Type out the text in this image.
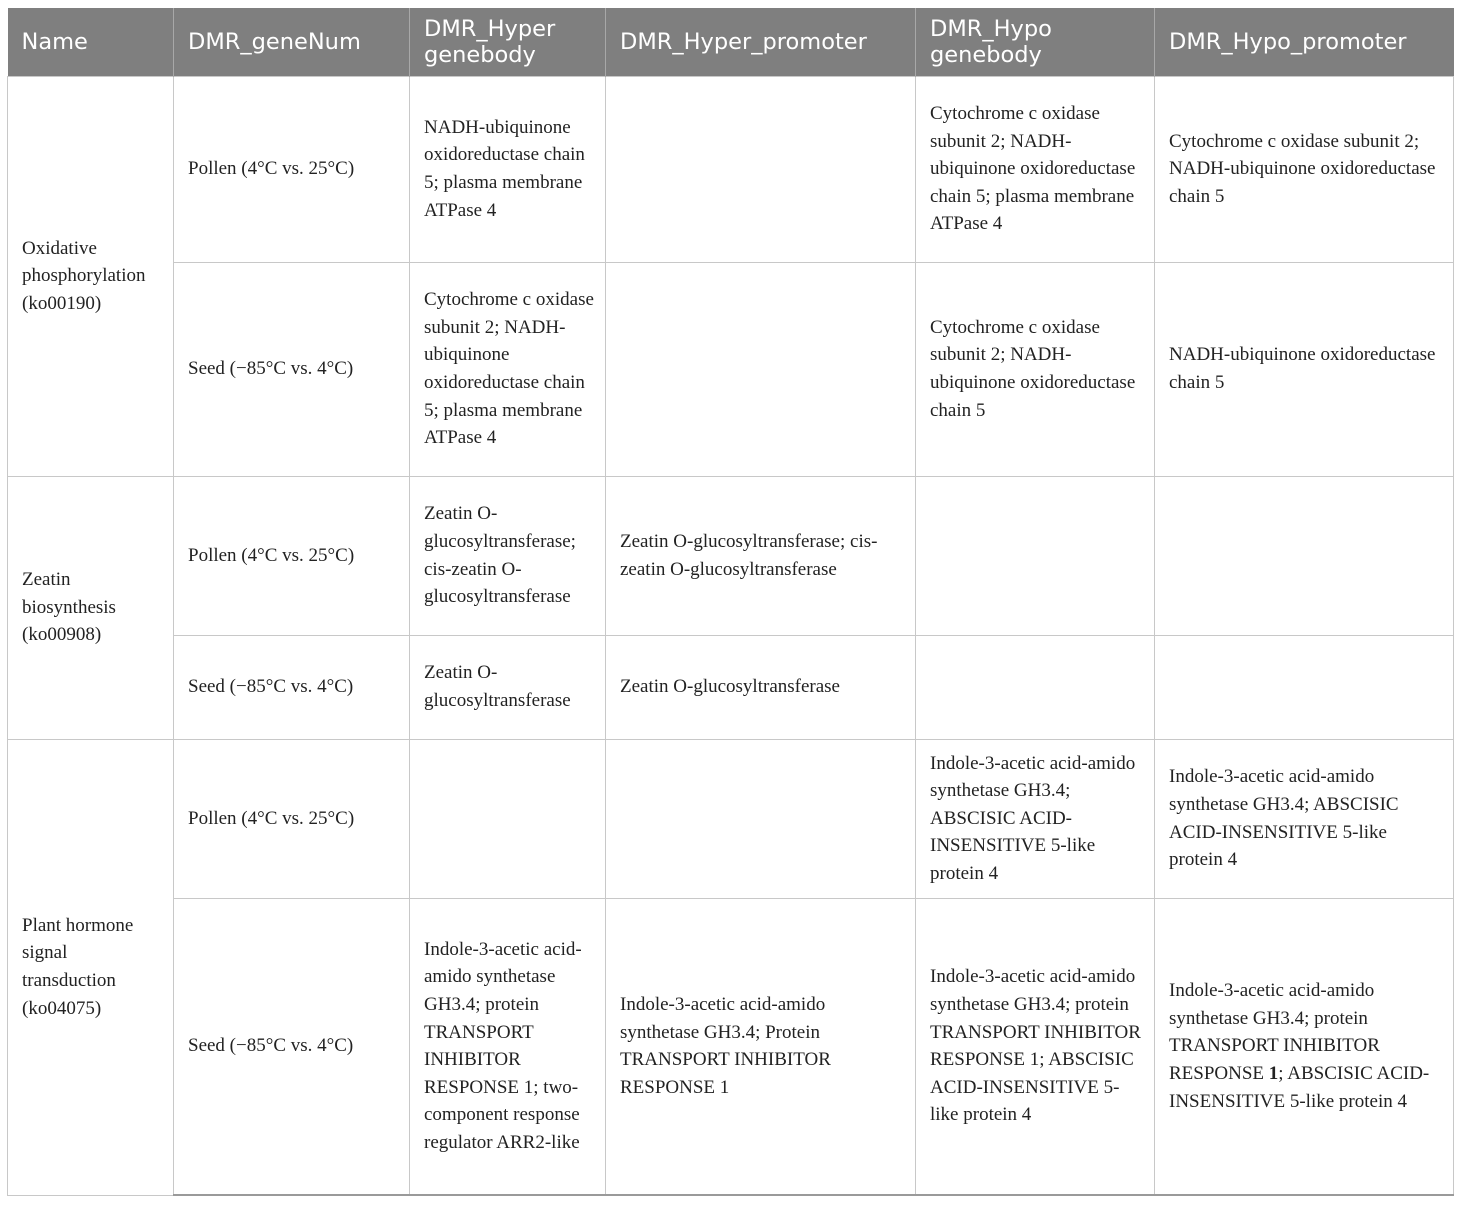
Name	DMR_geneNum	DMR_Hyper genebody	DMR_Hyper_promoter	DMR_Hypo genebody	DMR_Hypo_promoter
Oxidative phosphorylation (ko00190)	Pollen (4°C vs. 25°C)	NADH-ubiquinone oxidoreductase chain 5; plasma membrane ATPase 4		Cytochrome c oxidase subunit 2; NADH-ubiquinone oxidoreductase chain 5; plasma membrane ATPase 4	Cytochrome c oxidase subunit 2; NADH-ubiquinone oxidoreductase chain 5
	Seed (−85°C vs. 4°C)	Cytochrome c oxidase subunit 2; NADH-ubiquinone oxidoreductase chain 5; plasma membrane ATPase 4		Cytochrome c oxidase subunit 2; NADH-ubiquinone oxidoreductase chain 5	NADH-ubiquinone oxidoreductase chain 5
Zeatin biosynthesis (ko00908)	Pollen (4°C vs. 25°C)	Zeatin O-glucosyltransferase; cis-zeatin O-glucosyltransferase	Zeatin O-glucosyltransferase; cis-zeatin O-glucosyltransferase		
	Seed (−85°C vs. 4°C)	Zeatin O-glucosyltransferase	Zeatin O-glucosyltransferase		
Plant hormone signal transduction (ko04075)	Pollen (4°C vs. 25°C)			Indole-3-acetic acid-amido synthetase GH3.4; ABSCISIC ACID-INSENSITIVE 5-like protein 4	Indole-3-acetic acid-amido synthetase GH3.4; ABSCISIC ACID-INSENSITIVE 5-like protein 4
	Seed (−85°C vs. 4°C)	Indole-3-acetic acid-amido synthetase GH3.4; protein TRANSPORT INHIBITOR RESPONSE 1; two-component response regulator ARR2-like	Indole-3-acetic acid-amido synthetase GH3.4; Protein TRANSPORT INHIBITOR RESPONSE 1	Indole-3-acetic acid-amido synthetase GH3.4; protein TRANSPORT INHIBITOR RESPONSE 1; ABSCISIC ACID-INSENSITIVE 5-like protein 4	Indole-3-acetic acid-amido synthetase GH3.4; protein TRANSPORT INHIBITOR RESPONSE 1; ABSCISIC ACID-INSENSITIVE 5-like protein 4
